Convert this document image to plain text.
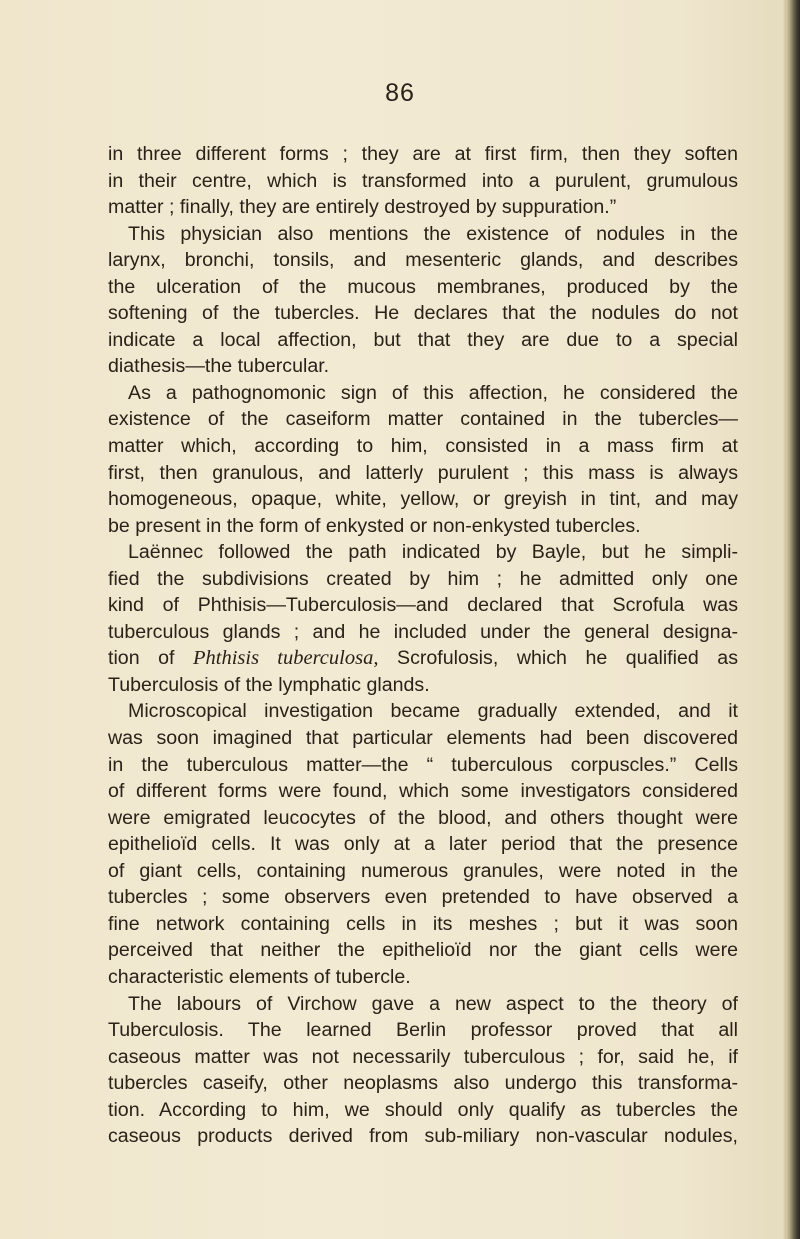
86
in three different forms ; they are at first firm, then they soften
in their centre, which is transformed into a purulent, grumulous
matter ; finally, they are entirely destroyed by suppuration.”
This physician also mentions the existence of nodules in the
larynx, bronchi, tonsils, and mesenteric glands, and describes
the ulceration of the mucous membranes, produced by the
softening of the tubercles. He declares that the nodules do not
indicate a local affection, but that they are due to a special
diathesis—the tubercular.
As a pathognomonic sign of this affection, he considered the
existence of the caseiform matter contained in the tubercles—
matter which, according to him, consisted in a mass firm at
first, then granulous, and latterly purulent ; this mass is always
homogeneous, opaque, white, yellow, or greyish in tint, and may
be present in the form of enkysted or non-enkysted tubercles.
Laënnec followed the path indicated by Bayle, but he simpli-
fied the subdivisions created by him ; he admitted only one
kind of Phthisis—Tuberculosis—and declared that Scrofula was
tuberculous glands ; and he included under the general designa-
tion of Phthisis tuberculosa, Scrofulosis, which he qualified as
Tuberculosis of the lymphatic glands.
Microscopical investigation became gradually extended, and it
was soon imagined that particular elements had been discovered
in the tuberculous matter—the “ tuberculous corpuscles.” Cells
of different forms were found, which some investigators considered
were emigrated leucocytes of the blood, and others thought were
epithelioïd cells. It was only at a later period that the presence
of giant cells, containing numerous granules, were noted in the
tubercles ; some observers even pretended to have observed a
fine network containing cells in its meshes ; but it was soon
perceived that neither the epithelioïd nor the giant cells were
characteristic elements of tubercle.
The labours of Virchow gave a new aspect to the theory of
Tuberculosis. The learned Berlin professor proved that all
caseous matter was not necessarily tuberculous ; for, said he, if
tubercles caseify, other neoplasms also undergo this transforma-
tion. According to him, we should only qualify as tubercles the
caseous products derived from sub-miliary non-vascular nodules,
